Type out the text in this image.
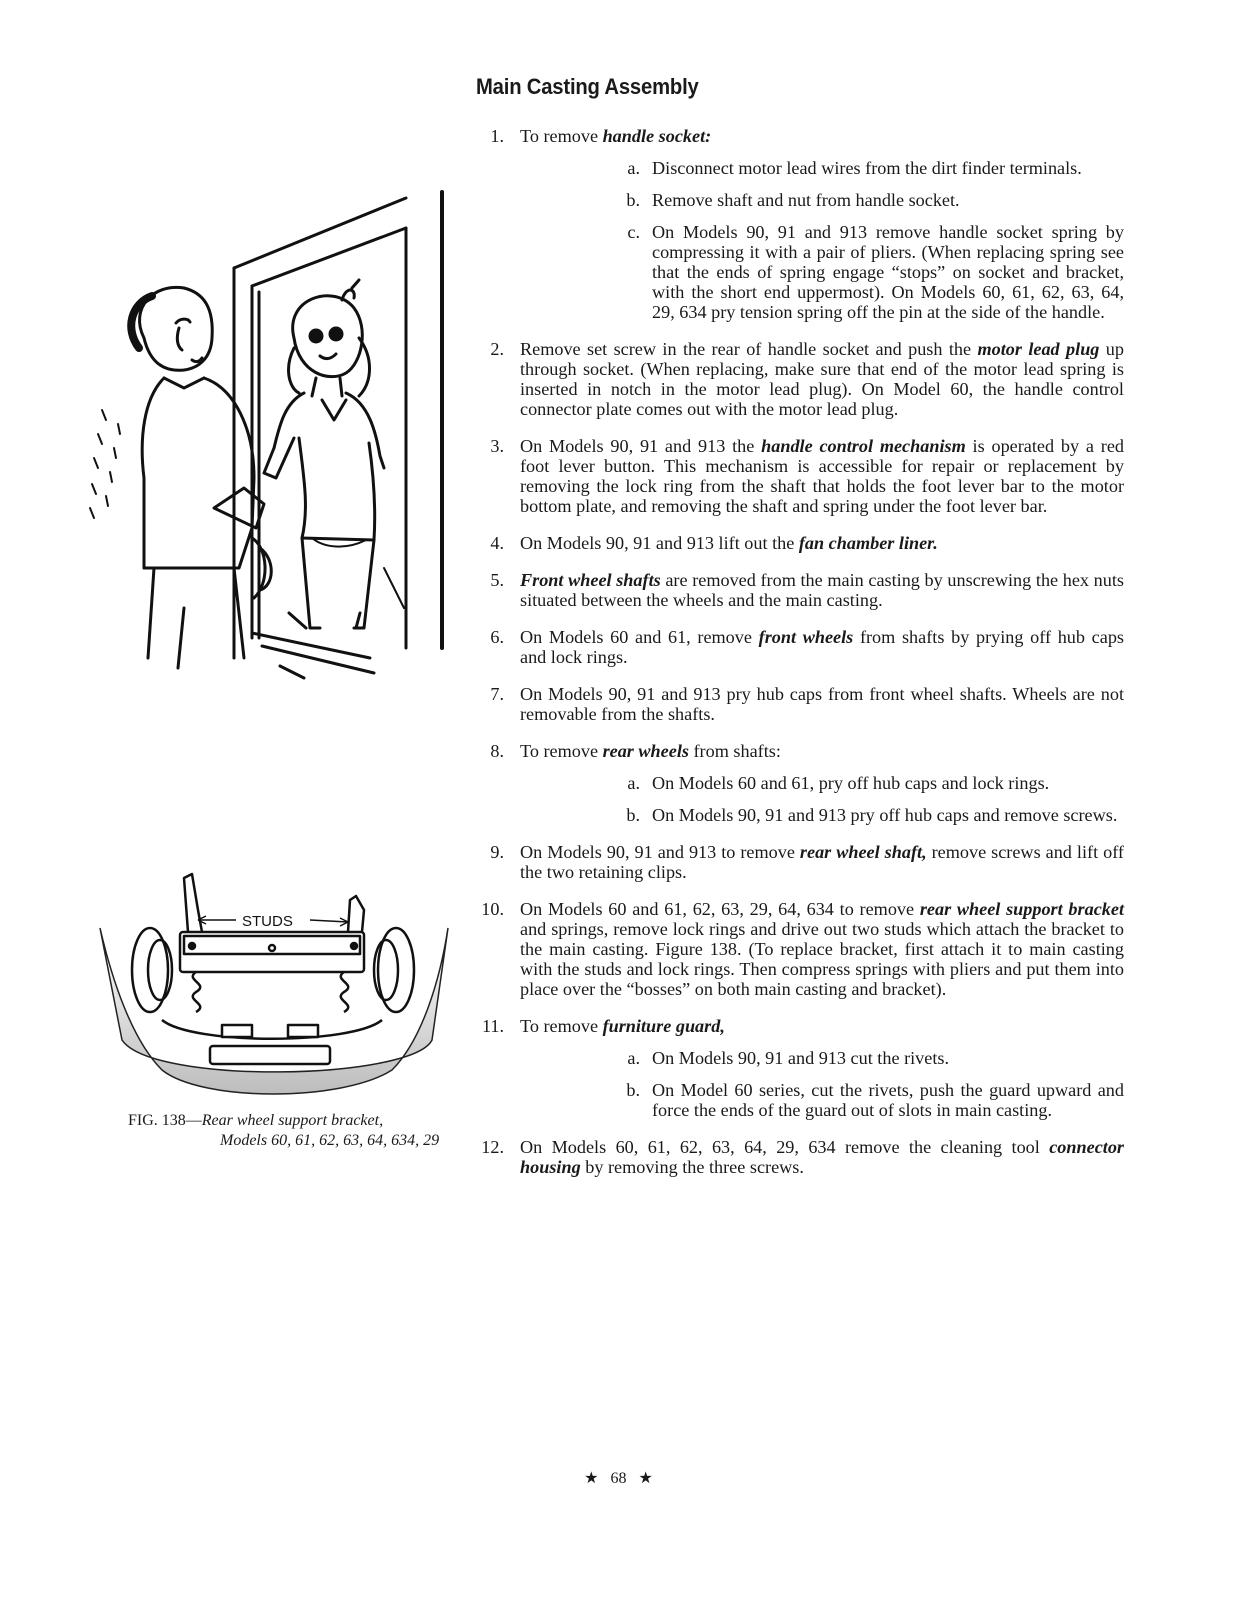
Main Casting Assembly
STUDS
FIG. 138—Rear wheel support bracket,
Models 60, 61, 62, 63, 64, 634, 29
1. To remove handle socket:
a. Disconnect motor lead wires from the dirt finder terminals.
b. Remove shaft and nut from handle socket.
c. On Models 90, 91 and 913 remove handle socket spring by compressing it with a pair of pliers. (When replacing spring see that the ends of spring engage “stops” on socket and bracket, with the short end uppermost). On Models 60, 61, 62, 63, 64, 29, 634 pry tension spring off the pin at the side of the handle.
2. Remove set screw in the rear of handle socket and push the motor lead plug up through socket. (When replacing, make sure that end of the motor lead spring is inserted in notch in the motor lead plug). On Model 60, the handle control connector plate comes out with the motor lead plug.
3. On Models 90, 91 and 913 the handle control mechanism is operated by a red foot lever button. This mechanism is accessible for repair or replacement by removing the lock ring from the shaft that holds the foot lever bar to the motor bottom plate, and removing the shaft and spring under the foot lever bar.
4. On Models 90, 91 and 913 lift out the fan chamber liner.
5. Front wheel shafts are removed from the main casting by unscrewing the hex nuts situated between the wheels and the main casting.
6. On Models 60 and 61, remove front wheels from shafts by prying off hub caps and lock rings.
7. On Models 90, 91 and 913 pry hub caps from front wheel shafts. Wheels are not removable from the shafts.
8. To remove rear wheels from shafts:
a. On Models 60 and 61, pry off hub caps and lock rings.
b. On Models 90, 91 and 913 pry off hub caps and remove screws.
9. On Models 90, 91 and 913 to remove rear wheel shaft, remove screws and lift off the two retaining clips.
10. On Models 60 and 61, 62, 63, 29, 64, 634 to remove rear wheel support bracket and springs, remove lock rings and drive out two studs which attach the bracket to the main casting. Figure 138. (To replace bracket, first attach it to main casting with the studs and lock rings. Then compress springs with pliers and put them into place over the “bosses” on both main casting and bracket).
11. To remove furniture guard,
a. On Models 90, 91 and 913 cut the rivets.
b. On Model 60 series, cut the rivets, push the guard upward and force the ends of the guard out of slots in main casting.
12. On Models 60, 61, 62, 63, 64, 29, 634 remove the cleaning tool connector housing by removing the three screws.
★ 68 ★
